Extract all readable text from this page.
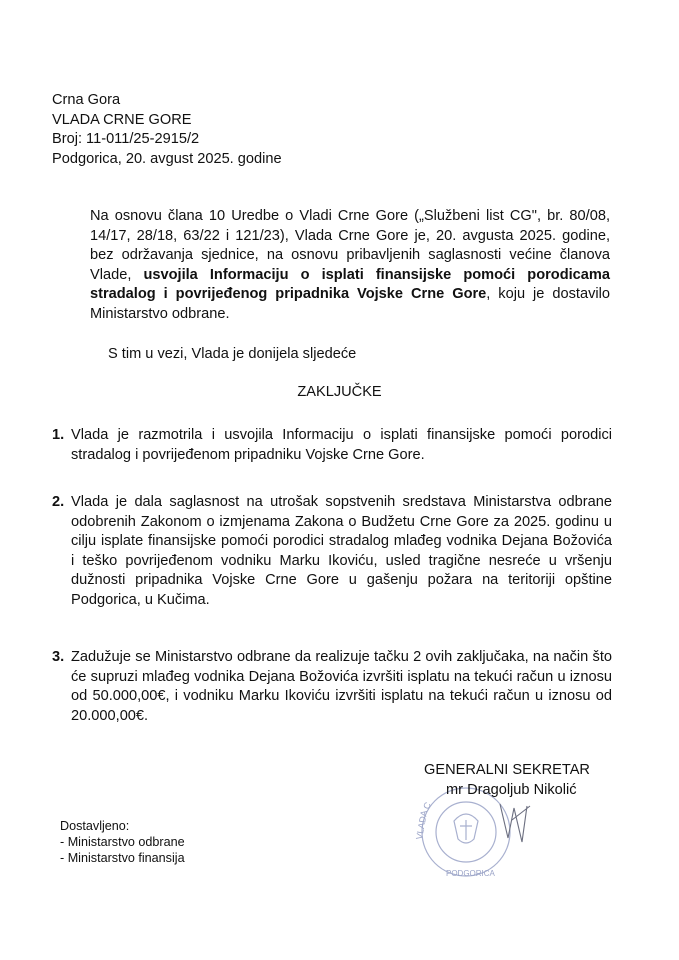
Crna Gora
VLADA CRNE GORE
Broj: 11-011/25-2915/2
Podgorica, 20. avgust 2025. godine
Na osnovu člana 10 Uredbe o Vladi Crne Gore („Službeni list CG", br. 80/08, 14/17, 28/18, 63/22 i 121/23), Vlada Crne Gore je, 20. avgusta 2025. godine, bez održavanja sjednice, na osnovu pribavljenih saglasnosti većine članova Vlade, usvojila Informaciju o isplati finansijske pomoći porodicama stradalog i povrijeđenog pripadnika Vojske Crne Gore, koju je dostavilo Ministarstvo odbrane.
S tim u vezi, Vlada je donijela sljedeće
ZAKLJUČKE
1. Vlada je razmotrila i usvojila Informaciju o isplati finansijske pomoći porodici stradalog i povrijeđenom pripadniku Vojske Crne Gore.
2. Vlada je dala saglasnost na utrošak sopstvenih sredstava Ministarstva odbrane odobrenih Zakonom o izmjenama Zakona o Budžetu Crne Gore za 2025. godinu u cilju isplate finansijske pomoći porodici stradalog mlađeg vodnika Dejana Božovića i teško povrijeđenom vodniku Marku Ikoviću, usled tragične nesreće u vršenju dužnosti pripadnika Vojske Crne Gore u gašenju požara na teritoriji opštine Podgorica, u Kučima.
3. Zadužuje se Ministarstvo odbrane da realizuje tačku 2 ovih zaključaka, na način što će supruzi mlađeg vodnika Dejana Božovića izvršiti isplatu na tekući račun u iznosu od 50.000,00€, i vodniku Marku Ikoviću izvršiti isplatu na tekući račun u iznosu od 20.000,00€.
C
VLADA
PODGORICA
GENERALNI SEKRETAR
mr Dragoljub Nikolić
Dostavljeno:
- Ministarstvo odbrane
- Ministarstvo finansija
